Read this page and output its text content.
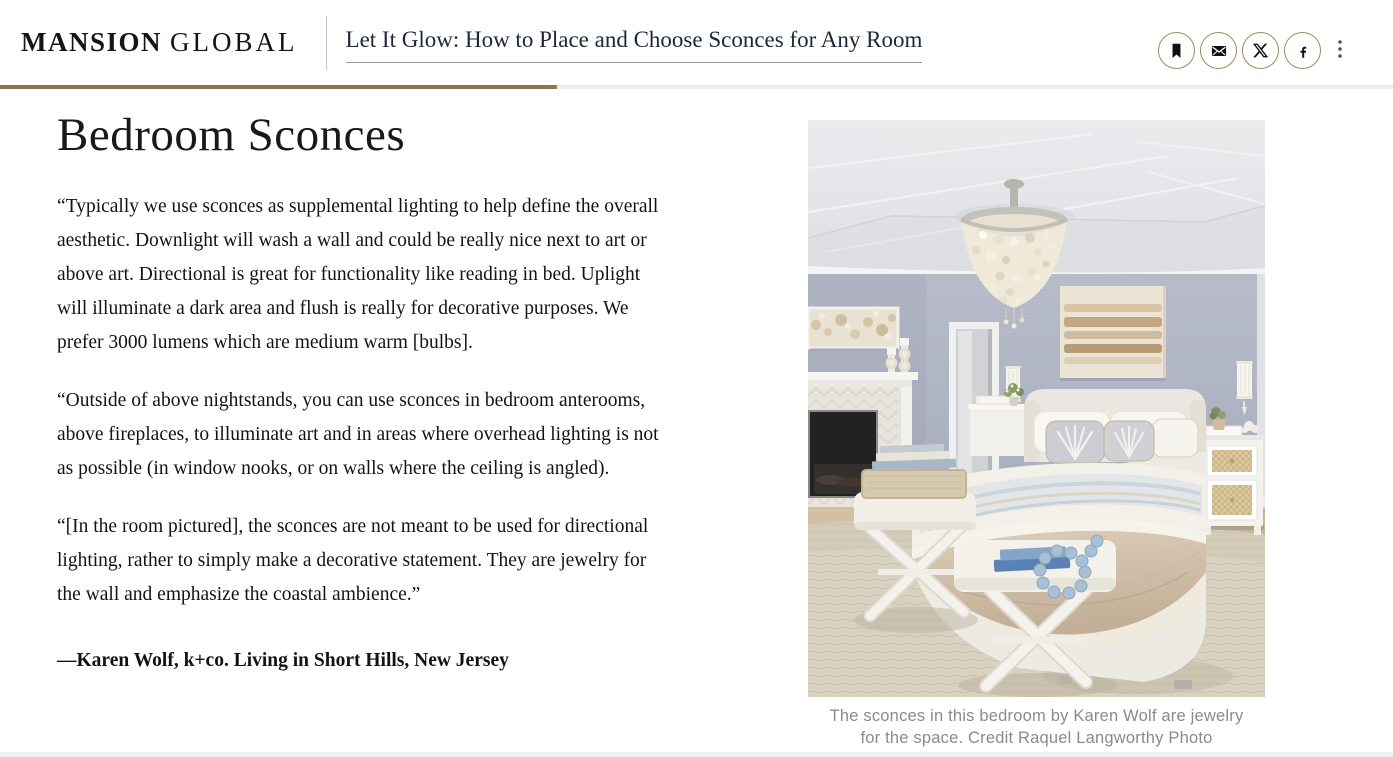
MANSION GLOBAL Let It Glow: How to Place and Choose Sconces for Any Room
Bedroom Sconces

“Typically we use sconces as supplemental lighting to help define the overall aesthetic. Downlight will wash a wall and could be really nice next to art or above art. Directional is great for functionality like reading in bed. Uplight will illuminate a dark area and flush is really for decorative purposes. We prefer 3000 lumens which are medium warm [bulbs].

“Outside of above nightstands, you can use sconces in bedroom anterooms, above fireplaces, to illuminate art and in areas where overhead lighting is not as possible (in window nooks, or on walls where the ceiling is angled).

“[In the room pictured], the sconces are not meant to be used for directional lighting, rather to simply make a decorative statement. They are jewelry for the wall and emphasize the coastal ambience.”

—Karen Wolf, k+co. Living in Short Hills, New Jersey

The sconces in this bedroom by Karen Wolf are jewelry for the space. Credit Raquel Langworthy Photo
